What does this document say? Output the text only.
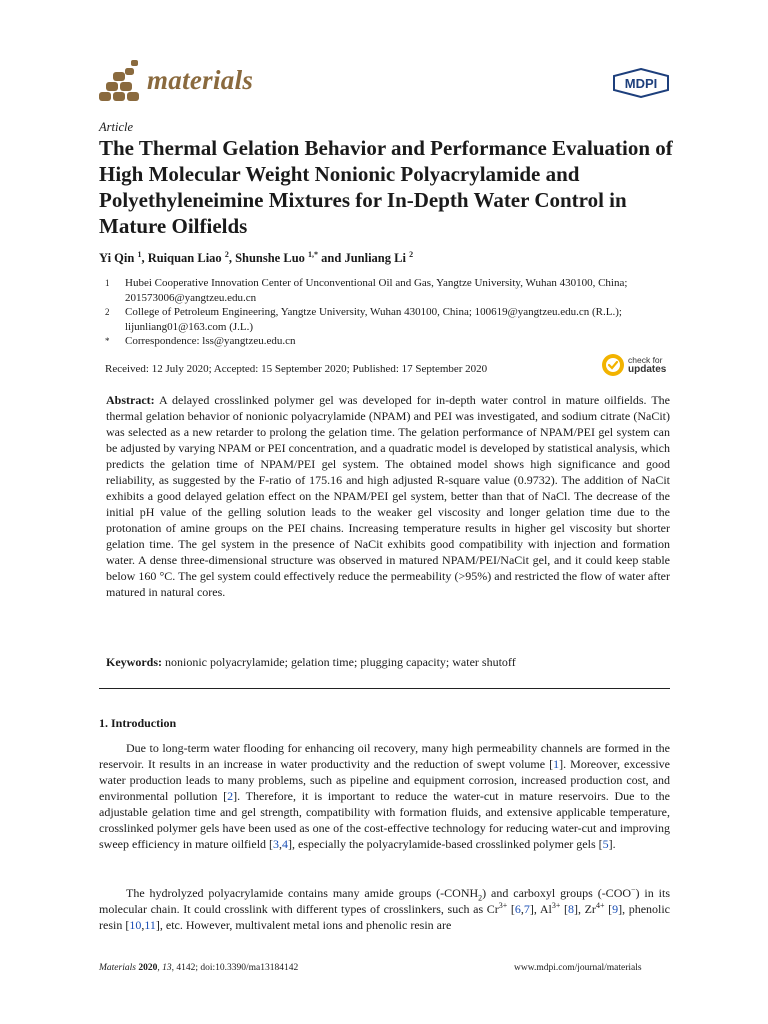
materials	MDPI
Article
The Thermal Gelation Behavior and Performance Evaluation of High Molecular Weight Nonionic Polyacrylamide and Polyethyleneimine Mixtures for In-Depth Water Control in Mature Oilfields
Yi Qin $^1$, Ruiquan Liao $^2$, Shunshe Luo $^{1,*}$ and Junliang Li $^2$
1 Hubei Cooperative Innovation Center of Unconventional Oil and Gas, Yangtze University, Wuhan 430100, China; 201573006@yangtzeu.edu.cn
2 College of Petroleum Engineering, Yangtze University, Wuhan 430100, China; 100619@yangtzeu.edu.cn (R.L.); lijunliang01@163.com (J.L.)
* Correspondence: lss@yangtzeu.edu.cn
Received: 12 July 2020; Accepted: 15 September 2020; Published: 17 September 2020
check for
updates

Abstract: A delayed crosslinked polymer gel was developed for in-depth water control in mature oilfields. The thermal gelation behavior of nonionic polyacrylamide (NPAM) and PEI was investigated, and sodium citrate (NaCit) was selected as a new retarder to prolong the gelation time. The gelation performance of NPAM/PEI gel system can be adjusted by varying NPAM or PEI concentration, and a quadratic model is developed by statistical analysis, which predicts the gelation time of NPAM/PEI gel system. The obtained model shows high significance and good reliability, as suggested by the F-ratio of 175.16 and high adjusted R-square value (0.9732). The addition of NaCit exhibits a good delayed gelation effect on the NPAM/PEI gel system, better than that of NaCl. The decrease of the initial pH value of the gelling solution leads to the weaker gel viscosity and longer gelation time due to the protonation of amine groups on the PEI chains. Increasing temperature results in higher gel viscosity but shorter gelation time. The gel system in the presence of NaCit exhibits good compatibility with injection and formation water. A dense three-dimensional structure was observed in matured NPAM/PEI/NaCit gel, and it could keep stable below 160 °C. The gel system could effectively reduce the permeability (>95%) and restricted the flow of water after matured in natural cores.

Keywords: nonionic polyacrylamide; gelation time; plugging capacity; water shutoff

1. Introduction

Due to long-term water flooding for enhancing oil recovery, many high permeability channels are formed in the reservoir. It results in an increase in water productivity and the reduction of swept volume [1]. Moreover, excessive water production leads to many problems, such as pipeline and equipment corrosion, increased production cost, and environmental pollution [2]. Therefore, it is important to reduce the water-cut in mature reservoirs. Due to the adjustable gelation time and gel strength, compatibility with formation fluids, and extensive applicable temperature, crosslinked polymer gels have been used as one of the cost-effective technology for reducing water-cut and improving sweep efficiency in mature oilfield [3,4], especially the polyacrylamide-based crosslinked polymer gels [5].

The hydrolyzed polyacrylamide contains many amide groups $(-CONH_2)$ and carboxyl groups (-COO−) in its molecular chain. It could crosslink with different types of crosslinkers, such as $Cr^{3+}$ [6,7], $Al^{3+}$ [8], $Zr^{4+}$ [9], phenolic resin [10,11], etc. However, multivalent metal ions and phenolic resin are

Materials 2020, 13, 4142; doi:10.3390/ma13184142	www.mdpi.com/journal/materials
